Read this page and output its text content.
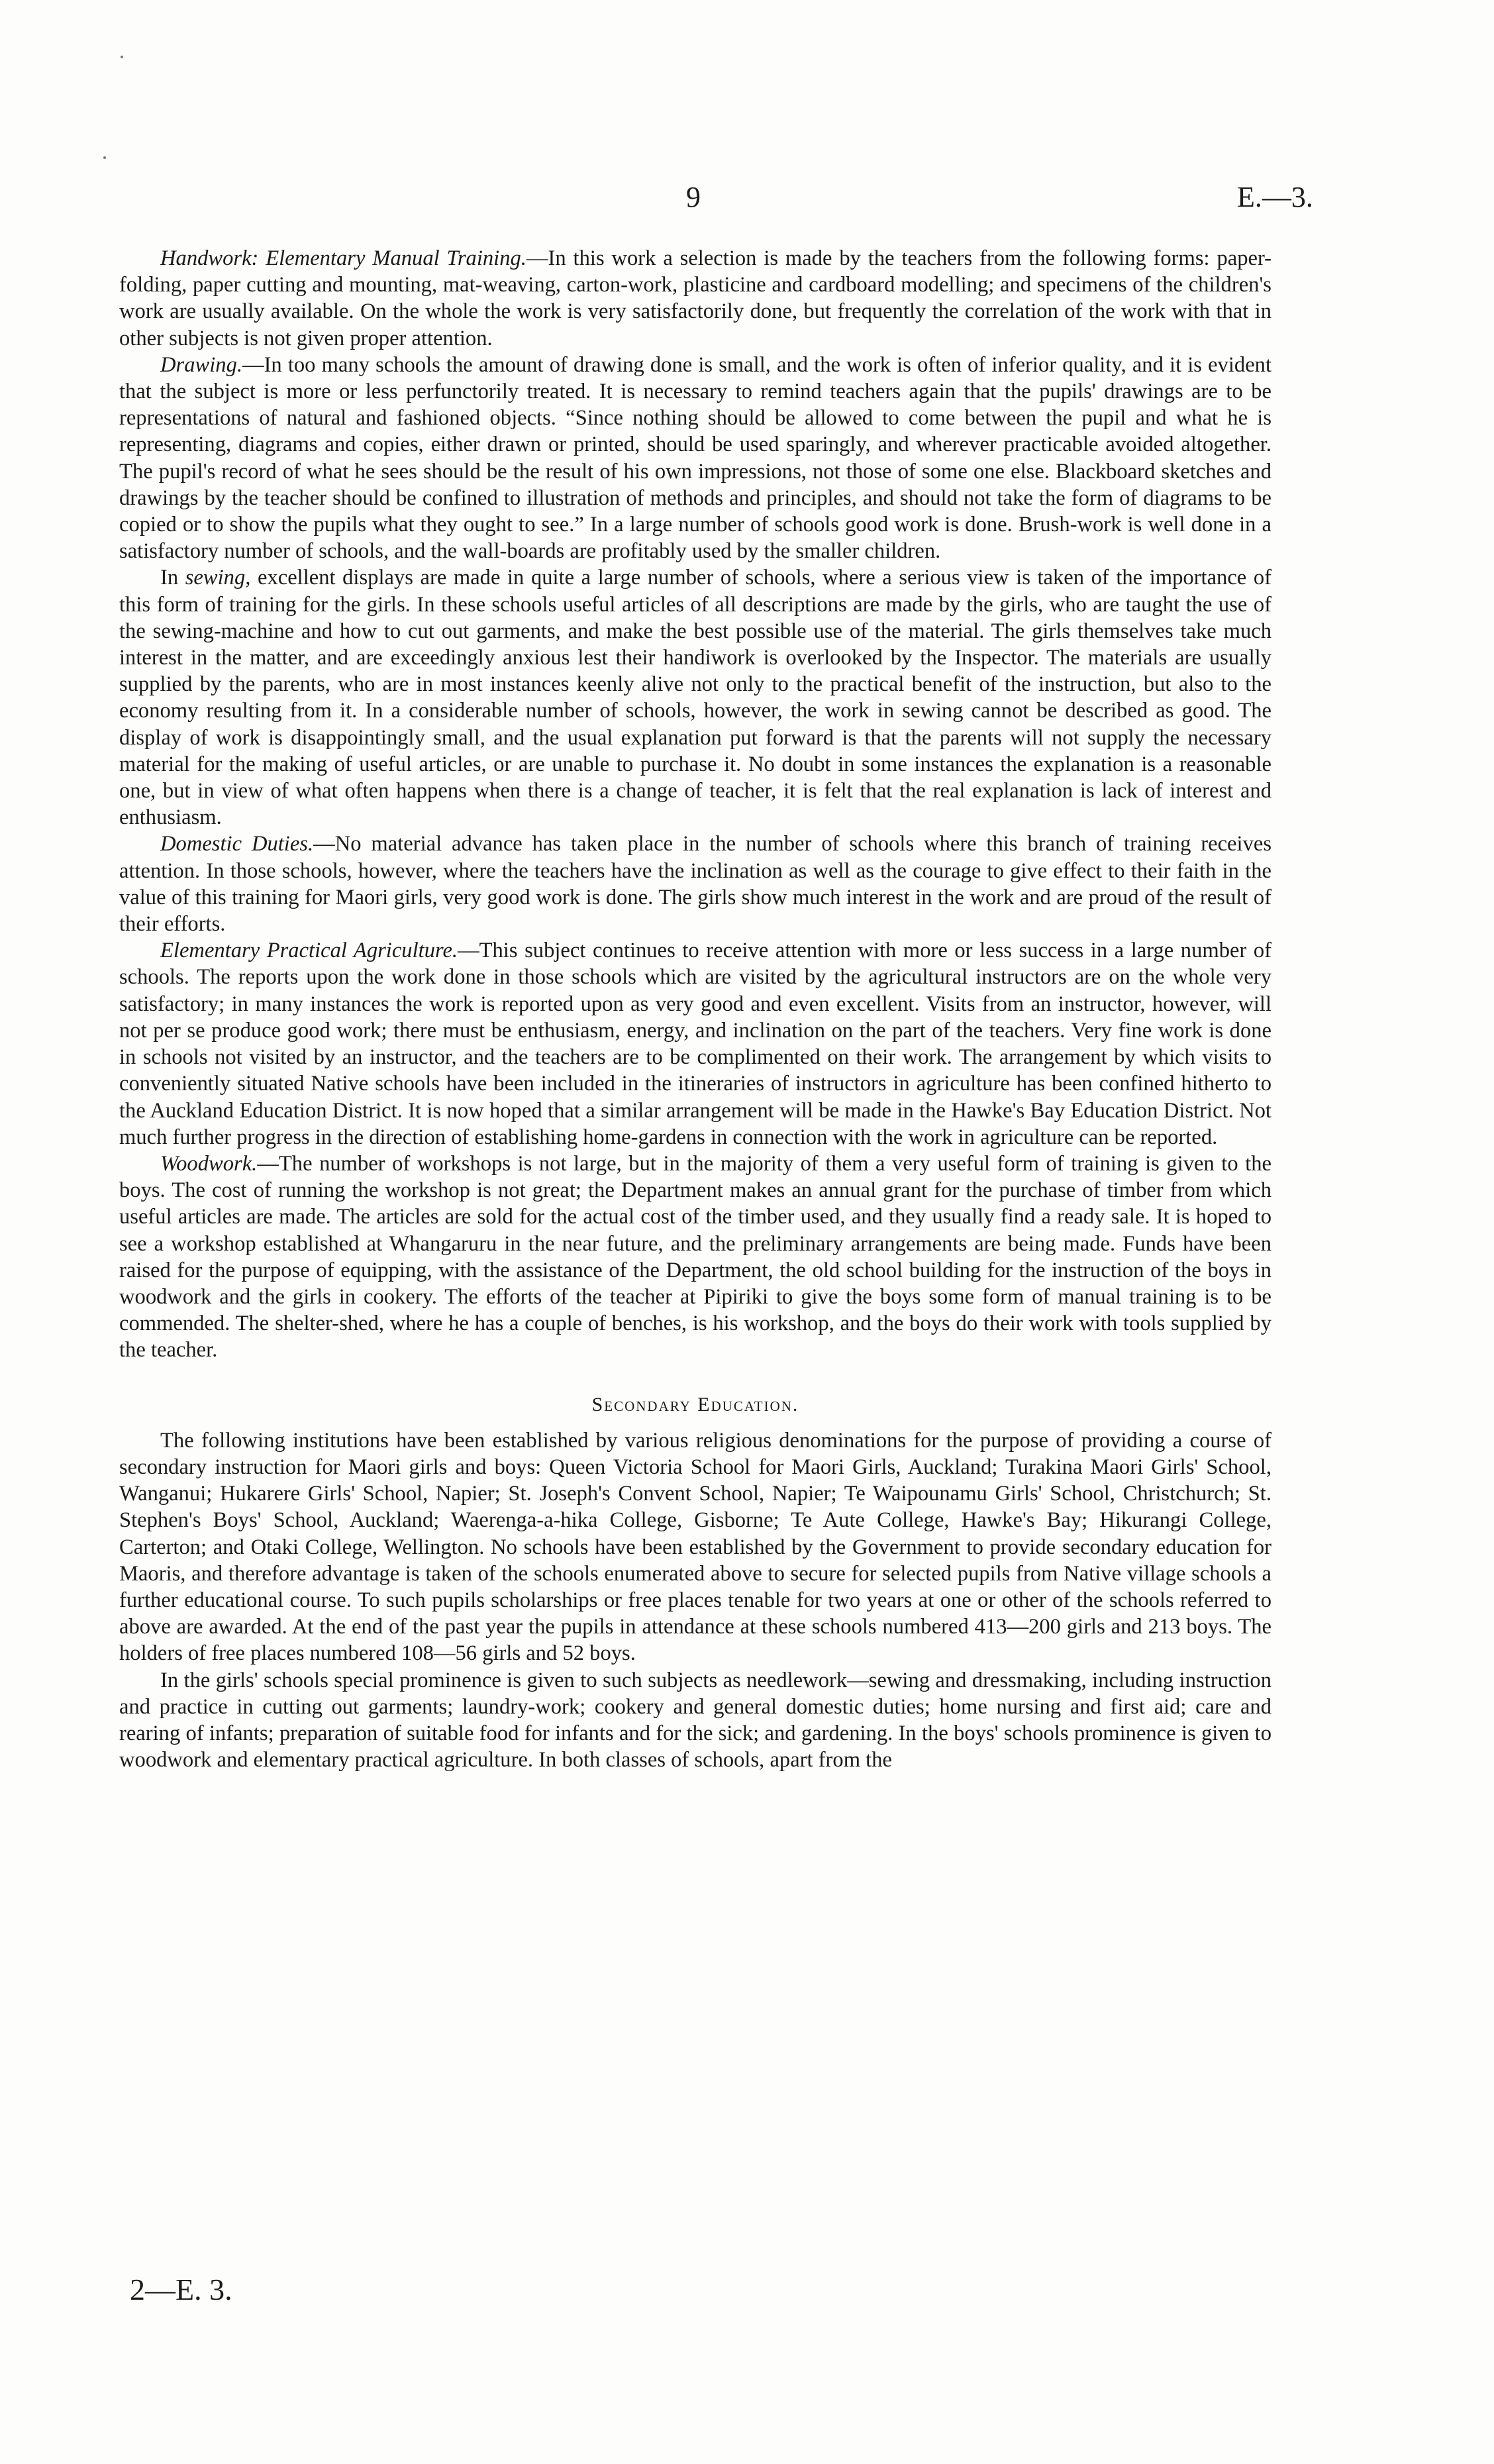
9	E.—3.

Handwork: Elementary Manual Training.—In this work a selection is made by the teachers from the following forms: paper-folding, paper cutting and mounting, mat-weaving, carton-work, plasticine and cardboard modelling; and specimens of the children's work are usually available. On the whole the work is very satisfactorily done, but frequently the correlation of the work with that in other subjects is not given proper attention.

Drawing.—In too many schools the amount of drawing done is small, and the work is often of inferior quality, and it is evident that the subject is more or less perfunctorily treated. It is necessary to remind teachers again that the pupils' drawings are to be representations of natural and fashioned objects. “Since nothing should be allowed to come between the pupil and what he is representing, diagrams and copies, either drawn or printed, should be used sparingly, and wherever practicable avoided altogether. The pupil's record of what he sees should be the result of his own impressions, not those of some one else. Blackboard sketches and drawings by the teacher should be confined to illustration of methods and principles, and should not take the form of diagrams to be copied or to show the pupils what they ought to see.” In a large number of schools good work is done. Brush-work is well done in a satisfactory number of schools, and the wall-boards are profitably used by the smaller children.

In sewing, excellent displays are made in quite a large number of schools, where a serious view is taken of the importance of this form of training for the girls. In these schools useful articles of all descriptions are made by the girls, who are taught the use of the sewing-machine and how to cut out garments, and make the best possible use of the material. The girls themselves take much interest in the matter, and are exceedingly anxious lest their handiwork is overlooked by the Inspector. The materials are usually supplied by the parents, who are in most instances keenly alive not only to the practical benefit of the instruction, but also to the economy resulting from it. In a considerable number of schools, however, the work in sewing cannot be described as good. The display of work is disappointingly small, and the usual explanation put forward is that the parents will not supply the necessary material for the making of useful articles, or are unable to purchase it. No doubt in some instances the explanation is a reasonable one, but in view of what often happens when there is a change of teacher, it is felt that the real explanation is lack of interest and enthusiasm.

Domestic Duties.—No material advance has taken place in the number of schools where this branch of training receives attention. In those schools, however, where the teachers have the inclination as well as the courage to give effect to their faith in the value of this training for Maori girls, very good work is done. The girls show much interest in the work and are proud of the result of their efforts.

Elementary Practical Agriculture.—This subject continues to receive attention with more or less success in a large number of schools. The reports upon the work done in those schools which are visited by the agricultural instructors are on the whole very satisfactory; in many instances the work is reported upon as very good and even excellent. Visits from an instructor, however, will not per se produce good work; there must be enthusiasm, energy, and inclination on the part of the teachers. Very fine work is done in schools not visited by an instructor, and the teachers are to be complimented on their work. The arrangement by which visits to conveniently situated Native schools have been included in the itineraries of instructors in agriculture has been confined hitherto to the Auckland Education District. It is now hoped that a similar arrangement will be made in the Hawke's Bay Education District. Not much further progress in the direction of establishing home-gardens in connection with the work in agriculture can be reported.

Woodwork.—The number of workshops is not large, but in the majority of them a very useful form of training is given to the boys. The cost of running the workshop is not great; the Department makes an annual grant for the purchase of timber from which useful articles are made. The articles are sold for the actual cost of the timber used, and they usually find a ready sale. It is hoped to see a workshop established at Whangaruru in the near future, and the preliminary arrangements are being made. Funds have been raised for the purpose of equipping, with the assistance of the Department, the old school building for the instruction of the boys in woodwork and the girls in cookery. The efforts of the teacher at Pipiriki to give the boys some form of manual training is to be commended. The shelter-shed, where he has a couple of benches, is his workshop, and the boys do their work with tools supplied by the teacher.

Secondary Education.

The following institutions have been established by various religious denominations for the purpose of providing a course of secondary instruction for Maori girls and boys: Queen Victoria School for Maori Girls, Auckland; Turakina Maori Girls' School, Wanganui; Hukarere Girls' School, Napier; St. Joseph's Convent School, Napier; Te Waipounamu Girls' School, Christchurch; St. Stephen's Boys' School, Auckland; Waerenga-a-hika College, Gisborne; Te Aute College, Hawke's Bay; Hikurangi College, Carterton; and Otaki College, Wellington. No schools have been established by the Government to provide secondary education for Maoris, and therefore advantage is taken of the schools enumerated above to secure for selected pupils from Native village schools a further educational course. To such pupils scholarships or free places tenable for two years at one or other of the schools referred to above are awarded. At the end of the past year the pupils in attendance at these schools numbered 413—200 girls and 213 boys. The holders of free places numbered 108—56 girls and 52 boys.

In the girls' schools special prominence is given to such subjects as needlework—sewing and dressmaking, including instruction and practice in cutting out garments; laundry-work; cookery and general domestic duties; home nursing and first aid; care and rearing of infants; preparation of suitable food for infants and for the sick; and gardening. In the boys' schools prominence is given to woodwork and elementary practical agriculture. In both classes of schools, apart from the

2—E. 3.
